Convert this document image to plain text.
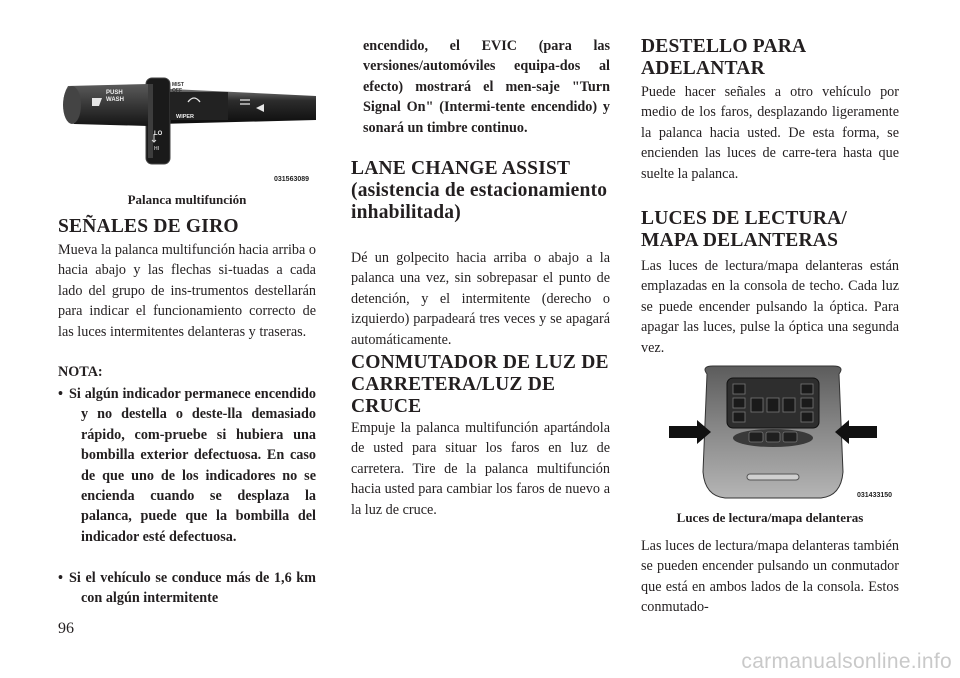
PUSH
WASH
MIST
OFF
WIPER
LO
HI
031563089
Palanca multifunción
SEÑALES DE GIRO

Mueva la palanca multifunción hacia arriba o hacia abajo y las flechas si-tuadas a cada lado del grupo de ins-trumentos destellarán para indicar el funcionamiento correcto de las luces intermitentes delanteras y traseras.

NOTA:

• Si algún indicador permanece encendido y no destella o deste-lla demasiado rápido, com-pruebe si hubiera una bombilla exterior defectuosa. En caso de que uno de los indicadores no se encienda cuando se desplaza la palanca, puede que la bombilla del indicador esté defectuosa.
• Si el vehículo se conduce más de 1,6 km con algún intermitente
96

encendido, el EVIC (para las versiones/automóviles equipa-dos al efecto) mostrará el men-saje "Turn Signal On" (Intermi-tente encendido) y sonará un timbre continuo.

LANE CHANGE ASSIST (asistencia de estacionamiento inhabilitada)

Dé un golpecito hacia arriba o abajo a la palanca una vez, sin sobrepasar el punto de detención, y el intermitente (derecho o izquierdo) parpadeará tres veces y se apagará automáticamente.

CONMUTADOR DE LUZ DE CARRETERA/LUZ DE CRUCE

Empuje la palanca multifunción apartándola de usted para situar los faros en luz de carretera. Tire de la palanca multifunción hacia usted para cambiar los faros de nuevo a la luz de cruce.

DESTELLO PARA ADELANTAR

Puede hacer señales a otro vehículo por medio de los faros, desplazando ligeramente la palanca hacia usted. De esta forma, se encienden las luces de carre-tera hasta que suelte la palanca.

LUCES DE LECTURA/ MAPA DELANTERAS

Las luces de lectura/mapa delanteras están emplazadas en la consola de techo. Cada luz se puede encender pulsando la óptica. Para apagar las luces, pulse la óptica una segunda vez.

031433150
Luces de lectura/mapa delanteras

Las luces de lectura/mapa delanteras también se pueden encender pulsando un conmutador que está en ambos lados de la consola. Estos conmutado-

carmanualsonline.info
